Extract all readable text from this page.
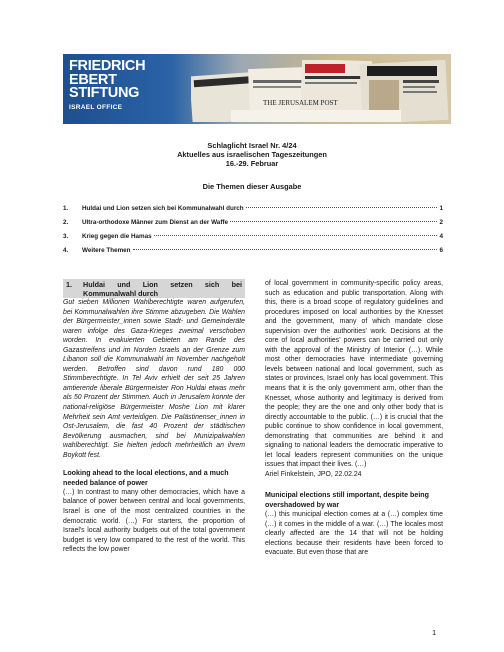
FRIEDRICH
EBERT
STIFTUNG
ISRAEL OFFICE	THE JERUSALEM POST
Schlaglicht Israel Nr. 4/24
Aktuelles aus israelischen Tageszeitungen
16.-29. Februar
Die Themen dieser Ausgabe
1.	Huldai und Lion setzen sich bei Kommunalwahl durch	1
2.	Ultra-orthodoxe Männer zum Dienst an der Waffe	2
3.	Krieg gegen die Hamas	4
4.	Weitere Themen	6
1.	Huldai und Lion setzen sich bei Kommunalwahl durch

Gut sieben Millionen Wahlberechtigte waren aufgerufen, bei Kommunalwahlen ihre Stimme abzugeben. Die Wahlen der Bürgermeister_innen sowie Stadt- und Gemeinderäte waren infolge des Gaza-Krieges zweimal verschoben worden. In evakuierten Gebieten am Rande des Gazastreifens und im Norden Israels an der Grenze zum Libanon soll die Kommunalwahl im November nachgeholt werden. Betroffen sind davon rund 180 000 Stimmberechtigte. In Tel Aviv erhielt der seit 25 Jahren amtierende liberale Bürgermeister Ron Huldai etwas mehr als 50 Prozent der Stimmen. Auch in Jerusalem konnte der national-religiöse Bürgermeister Moshe Lion mit klarer Mehrheit sein Amt verteidigen. Die Palästinenser_innen in Ost-Jerusalem, die fast 40 Prozent der städtischen Bevölkerung ausmachen, sind bei Munizipalwahlen wahlberechtigt. Sie hielten jedoch mehrheitlich an ihrem Boykott fest.

Looking ahead to the local elections, and a much needed balance of power

(…) In contrast to many other democracies, which have a balance of power between central and local governments, Israel is one of the most centralized countries in the democratic world. (…) For starters, the proportion of Israel's local authority budgets out of the total government budget is very low compared to the rest of the world. This reflects the low power

of local government in community-specific policy areas, such as education and public transportation. Along with this, there is a broad scope of regulatory guidelines and procedures imposed on local authorities by the Knesset and the government, many of which mandate close supervision over the authorities' work. Decisions at the core of local authorities' powers can be carried out only with the approval of the Ministry of Interior (…). While most other democracies have intermediate governing levels between national and local government, such as states or provinces, Israel only has local government. This means that it is the only government arm, other than the Knesset, whose authority and legitimacy is derived from the people; they are the one and only other body that is directly accountable to the public. (…) it is crucial that the public continue to show confidence in local government, demonstrating that communities are behind it and signaling to national leaders the democratic imperative to let local leaders represent communities on the unique issues that impact their lives. (…)

Ariel Finkelstein, JPO, 22.02.24

Municipal elections still important, despite being overshadowed by war

(…) this municipal election comes at a (…) complex time (…) it comes in the middle of a war. (…) The locales most clearly affected are the 14 that will not be holding elections because their residents have been forced to evacuate. But even those that are

1
